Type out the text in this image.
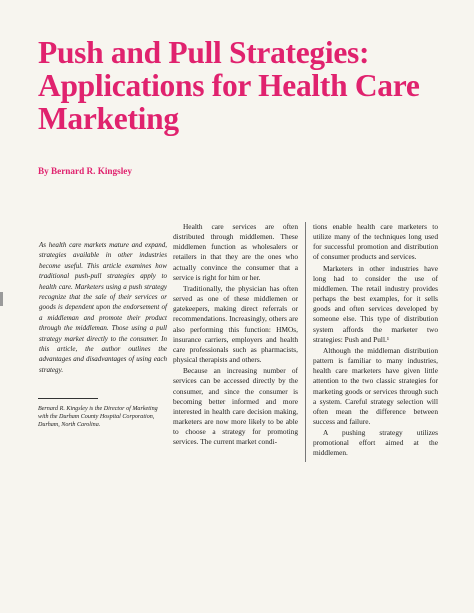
Push and Pull Strategies:
Applications for Health Care
Marketing
By Bernard R. Kingsley
As health care markets mature and expand, strategies available in other industries become useful. This article examines how traditional push-pull strategies apply to health care. Marketers using a push strategy recognize that the sale of their services or goods is dependent upon the endorsement of a middleman and promote their product through the middleman. Those using a pull strategy market directly to the consumer. In this article, the author outlines the advantages and disadvantages of using each strategy.
Bernard R. Kingsley is the Director of Marketing with the Durham County Hospital Corporation, Durham, North Carolina.

Health care services are often distributed through middlemen. These middlemen function as wholesalers or retailers in that they are the ones who actually convince the consumer that a service is right for him or her.

Traditionally, the physician has often served as one of these middlemen or gatekeepers, making direct referrals or recommendations. Increasingly, others are also performing this function: HMOs, insurance carriers, employers and health care professionals such as pharmacists, physical therapists and others.

Because an increasing number of services can be accessed directly by the consumer, and since the consumer is becoming better informed and more interested in health care decision making, marketers are now more likely to be able to choose a strategy for promoting services. The current market condi-

tions enable health care marketers to utilize many of the techniques long used for successful promotion and distribution of consumer products and services.

Marketers in other industries have long had to consider the use of middlemen. The retail industry provides perhaps the best examples, for it sells goods and often services developed by someone else. This type of distribution system affords the marketer two strategies: Push and Pull.¹

Although the middleman distribution pattern is familiar to many industries, health care marketers have given little attention to the two classic strategies for marketing goods or services through such a system. Careful strategy selection will often mean the difference between success and failure.

A pushing strategy utilizes promotional effort aimed at the middlemen.
